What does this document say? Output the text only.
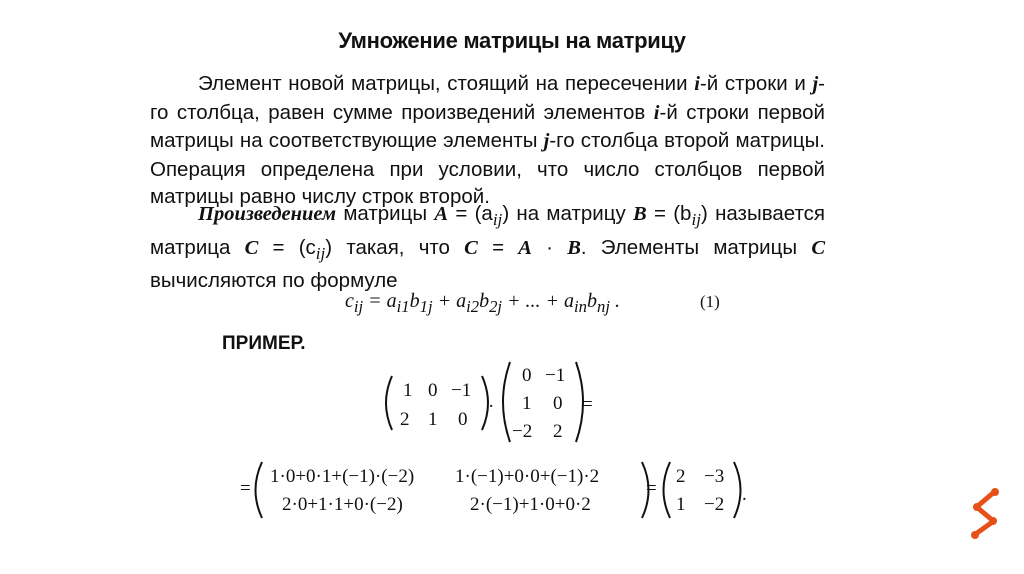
Умножение матрицы на матрицу
Элемент новой матрицы, стоящий на пересечении i-й строки и j-го столбца, равен сумме произведений элементов i-й строки первой матрицы на соответствующие элементы j-го столбца второй матрицы. Операция определена при условии, что число столбцов первой матрицы равно числу строк второй.
Произведением матрицы $A = (a_{ij})$ на матрицу $B = (b_{ij})$ называется матрица $C = (c_{ij})$ такая, что C = A · B. Элементы матрицы C вычисляются по формуле
$c_{ij} = a_{i1}b_{1j} + a_{i2}b_{2j}$ + ... + $a_{in}b_{nj}$ .	(1)
ПРИМЕР.
1 0 −1
2 1 0
·
0 −1
1 0
−2 2
=
=
1·0+0·1+(−1)·(−2) 1·(−1)+0·0+(−1)·2
2·0+1·1+0·(−2)	2·(−1)+1·0+0·2
=
2 −3
1 −2 .
